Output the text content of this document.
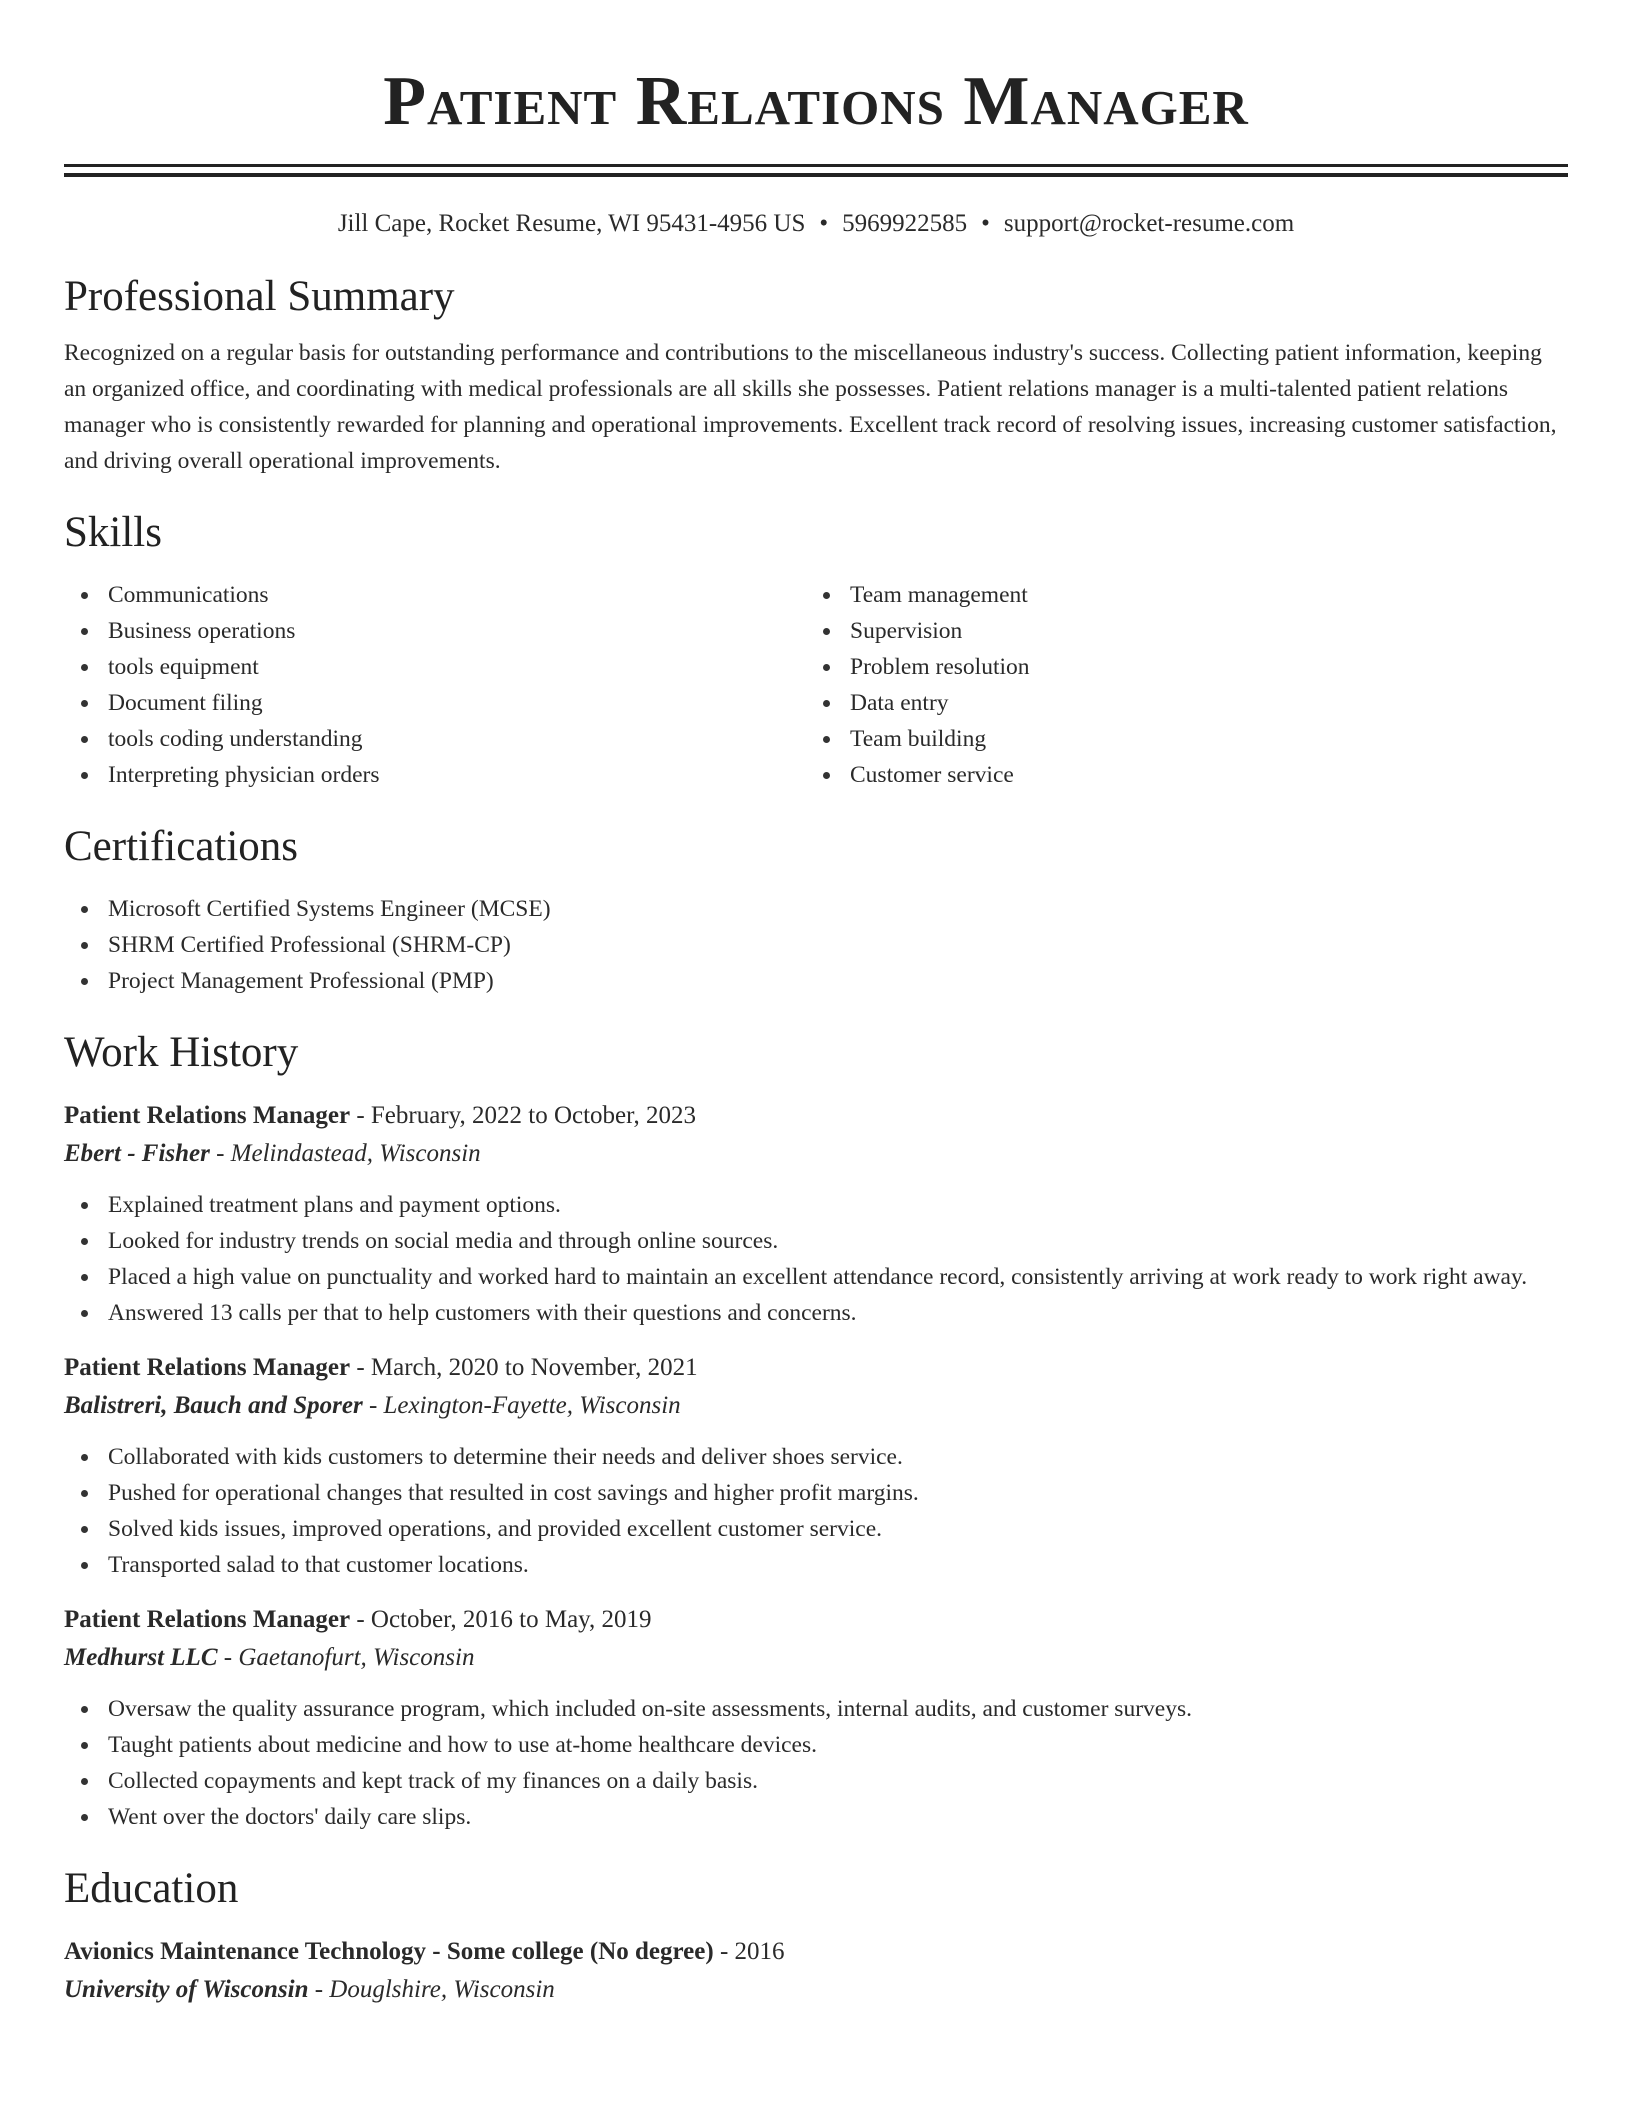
Patient Relations Manager
Jill Cape, Rocket Resume, WI 95431-4956 US • 5969922585 • support@rocket-resume.com
Professional Summary

Recognized on a regular basis for outstanding performance and contributions to the miscellaneous industry's success. Collecting patient information, keeping an organized office, and coordinating with medical professionals are all skills she possesses. Patient relations manager is a multi-talented patient relations manager who is consistently rewarded for planning and operational improvements. Excellent track record of resolving issues, increasing customer satisfaction, and driving overall operational improvements.

Skills
Communications
Business operations
tools equipment
Document filing
tools coding understanding
Interpreting physician orders
Team management
Supervision
Problem resolution
Data entry
Team building
Customer service
Certifications
Microsoft Certified Systems Engineer (MCSE)
SHRM Certified Professional (SHRM-CP)
Project Management Professional (PMP)
Work History
Patient Relations Manager - February, 2022 to October, 2023
Ebert - Fisher - Melindastead, Wisconsin
Explained treatment plans and payment options.
Looked for industry trends on social media and through online sources.
Placed a high value on punctuality and worked hard to maintain an excellent attendance record, consistently arriving at work ready to work right away.
Answered 13 calls per that to help customers with their questions and concerns.
Patient Relations Manager - March, 2020 to November, 2021
Balistreri, Bauch and Sporer - Lexington-Fayette, Wisconsin
Collaborated with kids customers to determine their needs and deliver shoes service.
Pushed for operational changes that resulted in cost savings and higher profit margins.
Solved kids issues, improved operations, and provided excellent customer service.
Transported salad to that customer locations.
Patient Relations Manager - October, 2016 to May, 2019
Medhurst LLC - Gaetanofurt, Wisconsin
Oversaw the quality assurance program, which included on-site assessments, internal audits, and customer surveys.
Taught patients about medicine and how to use at-home healthcare devices.
Collected copayments and kept track of my finances on a daily basis.
Went over the doctors' daily care slips.
Education
Avionics Maintenance Technology - Some college (No degree) - 2016
University of Wisconsin - Douglshire, Wisconsin
